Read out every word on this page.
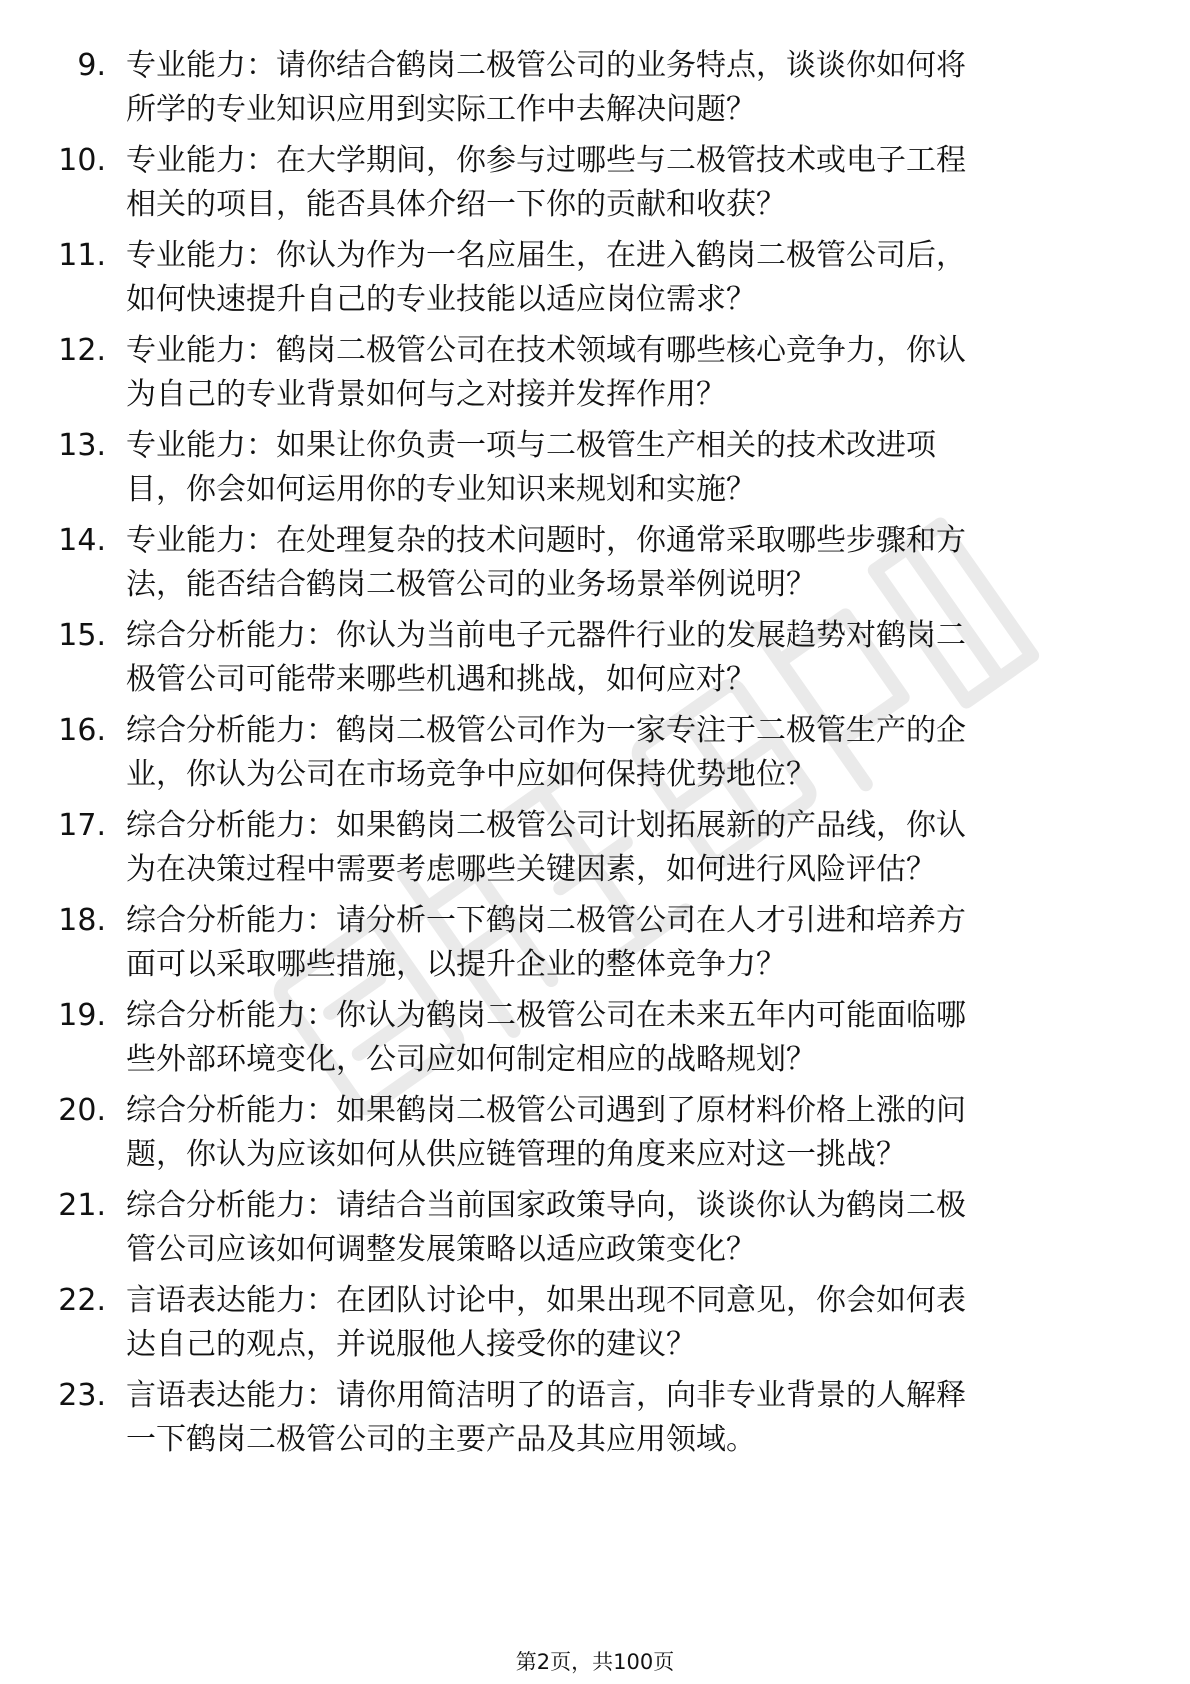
9. 专业能力：请你结合鹤岗二极管公司的业务特点，谈谈你如何将
所学的专业知识应用到实际工作中去解决问题？
10. 专业能力：在大学期间，你参与过哪些与二极管技术或电子工程
相关的项目，能否具体介绍一下你的贡献和收获？
11. 专业能力：你认为作为一名应届生，在进入鹤岗二极管公司后，
如何快速提升自己的专业技能以适应岗位需求？
12. 专业能力：鹤岗二极管公司在技术领域有哪些核心竞争力，你认
为自己的专业背景如何与之对接并发挥作用？
13. 专业能力：如果让你负责一项与二极管生产相关的技术改进项
目，你会如何运用你的专业知识来规划和实施？
14. 专业能力：在处理复杂的技术问题时，你通常采取哪些步骤和方
法，能否结合鹤岗二极管公司的业务场景举例说明？
15. 综合分析能力：你认为当前电子元器件行业的发展趋势对鹤岗二
极管公司可能带来哪些机遇和挑战，如何应对？
16. 综合分析能力：鹤岗二极管公司作为一家专注于二极管生产的企
业，你认为公司在市场竞争中应如何保持优势地位？
17. 综合分析能力：如果鹤岗二极管公司计划拓展新的产品线，你认
为在决策过程中需要考虑哪些关键因素，如何进行风险评估？
18. 综合分析能力：请分析一下鹤岗二极管公司在人才引进和培养方
面可以采取哪些措施，以提升企业的整体竞争力？
19. 综合分析能力：你认为鹤岗二极管公司在未来五年内可能面临哪
些外部环境变化，公司应如何制定相应的战略规划？
20. 综合分析能力：如果鹤岗二极管公司遇到了原材料价格上涨的问
题，你认为应该如何从供应链管理的角度来应对这一挑战？
21. 综合分析能力：请结合当前国家政策导向，谈谈你认为鹤岗二极
管公司应该如何调整发展策略以适应政策变化？
22. 言语表达能力：在团队讨论中，如果出现不同意见，你会如何表
达自己的观点，并说服他人接受你的建议？
23. 言语表达能力：请你用简洁明了的语言，向非专业背景的人解释
一下鹤岗二极管公司的主要产品及其应用领域。
第2页，共100页
